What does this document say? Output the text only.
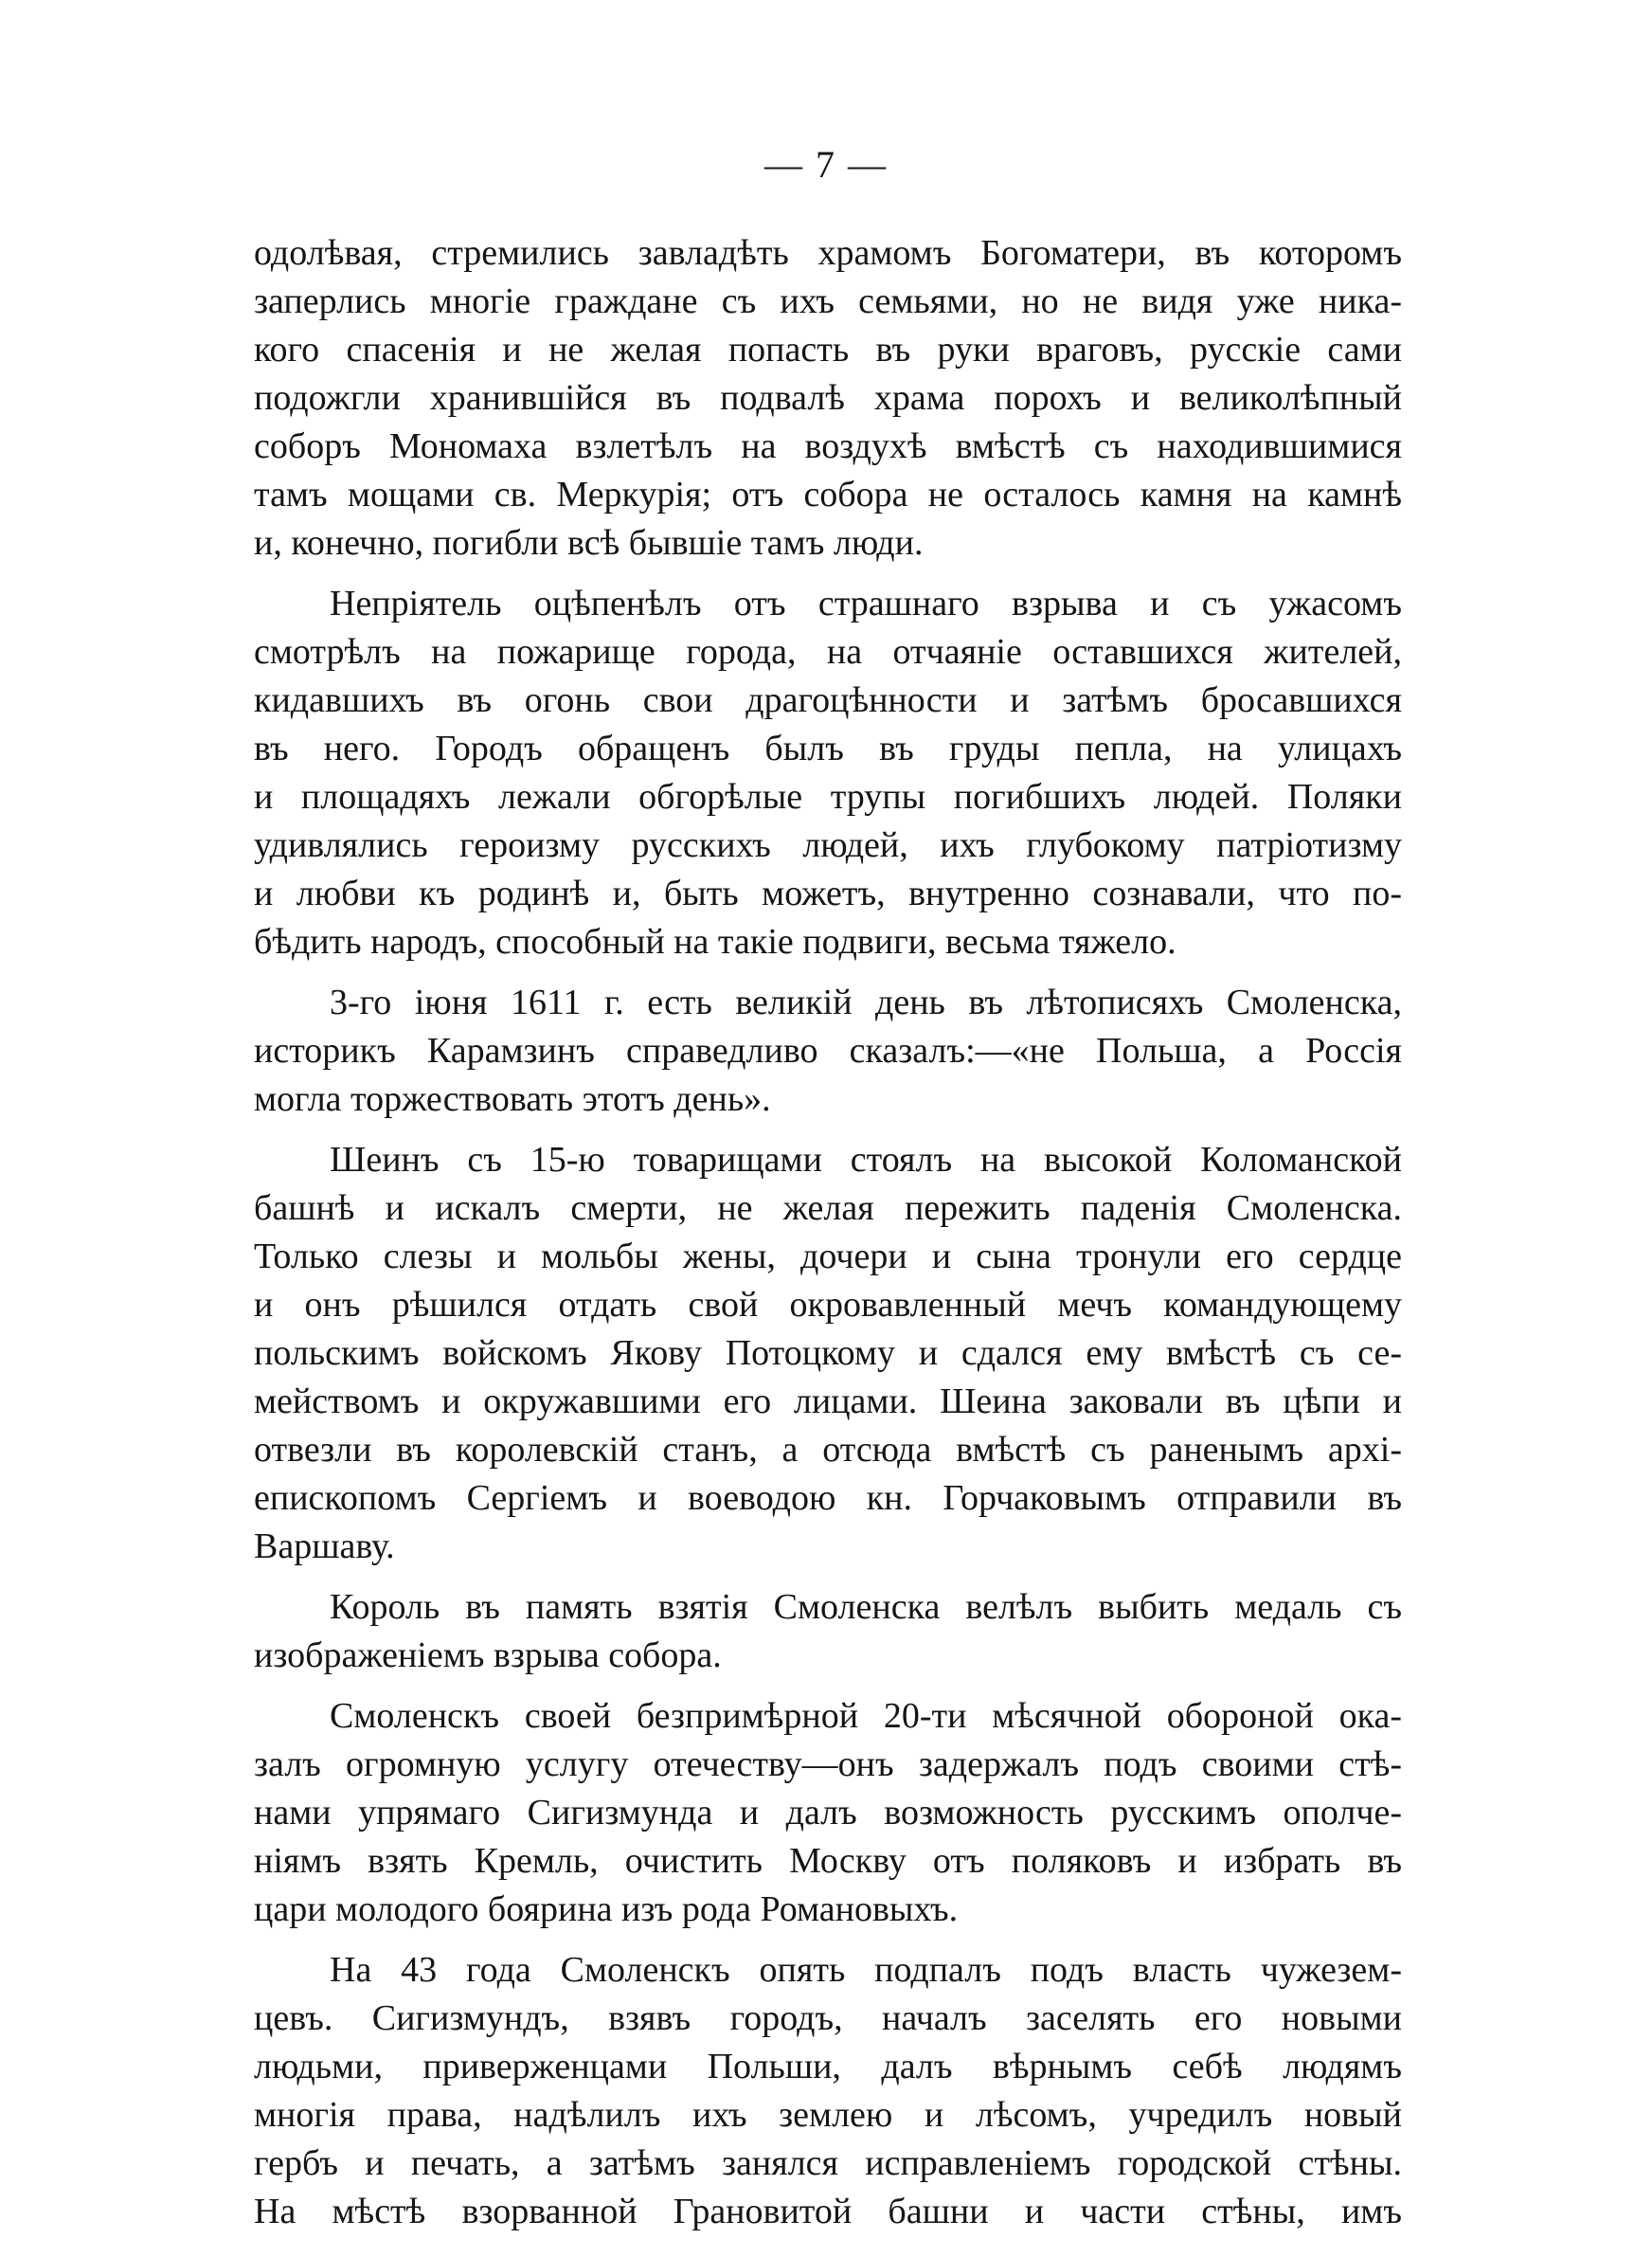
— 7 —
одолѣвая, стремились завладѣть храмомъ Богоматери, въ которомъ
заперлись многіе граждане съ ихъ семьями, но не видя уже ника-
кого спасенія и не желая попасть въ руки враговъ, русскіе сами
подожгли хранившійся въ подвалѣ храма порохъ и великолѣпный
соборъ Мономаха взлетѣлъ на воздухѣ вмѣстѣ съ находившимися
тамъ мощами св. Меркурія; отъ собора не осталось камня на камнѣ
и, конечно, погибли всѣ бывшіе тамъ люди.
Непріятель оцѣпенѣлъ отъ страшнаго взрыва и съ ужасомъ
смотрѣлъ на пожарище города, на отчаяніе оставшихся жителей,
кидавшихъ въ огонь свои драгоцѣнности и затѣмъ бросавшихся
въ него. Городъ обращенъ былъ въ груды пепла, на улицахъ
и площадяхъ лежали обгорѣлые трупы погибшихъ людей. Поляки
удивлялись героизму русскихъ людей, ихъ глубокому патріотизму
и любви къ родинѣ и, быть можетъ, внутренно сознавали, что по-
бѣдить народъ, способный на такіе подвиги, весьма тяжело.
3-го іюня 1611 г. есть великій день въ лѣтописяхъ Смоленска,
историкъ Карамзинъ справедливо сказалъ:—«не Польша, а Россія
могла торжествовать этотъ день».
Шеинъ съ 15-ю товарищами стоялъ на высокой Коломанской
башнѣ и искалъ смерти, не желая пережить паденія Смоленска.
Только слезы и мольбы жены, дочери и сына тронули его сердце
и онъ рѣшился отдать свой окровавленный мечъ командующему
польскимъ войскомъ Якову Потоцкому и сдался ему вмѣстѣ съ се-
мействомъ и окружавшими его лицами. Шеина заковали въ цѣпи и
отвезли въ королевскій станъ, а отсюда вмѣстѣ съ раненымъ архі-
епископомъ Сергіемъ и воеводою кн. Горчаковымъ отправили въ
Варшаву.
Король въ память взятія Смоленска велѣлъ выбить медаль съ
изображеніемъ взрыва собора.
Смоленскъ своей безпримѣрной 20-ти мѣсячной обороной ока-
залъ огромную услугу отечеству—онъ задержалъ подъ своими стѣ-
нами упрямаго Сигизмунда и далъ возможность русскимъ ополче-
ніямъ взять Кремль, очистить Москву отъ поляковъ и избрать въ
цари молодого боярина изъ рода Романовыхъ.
На 43 года Смоленскъ опять подпалъ подъ власть чужезем-
цевъ. Сигизмундъ, взявъ городъ, началъ заселять его новыми
людьми, приверженцами Польши, далъ вѣрнымъ себѣ людямъ
многія права, надѣлилъ ихъ землею и лѣсомъ, учредилъ новый
гербъ и печать, а затѣмъ занялся исправленіемъ городской стѣны.
На мѣстѣ взорванной Грановитой башни и части стѣны, имъ
